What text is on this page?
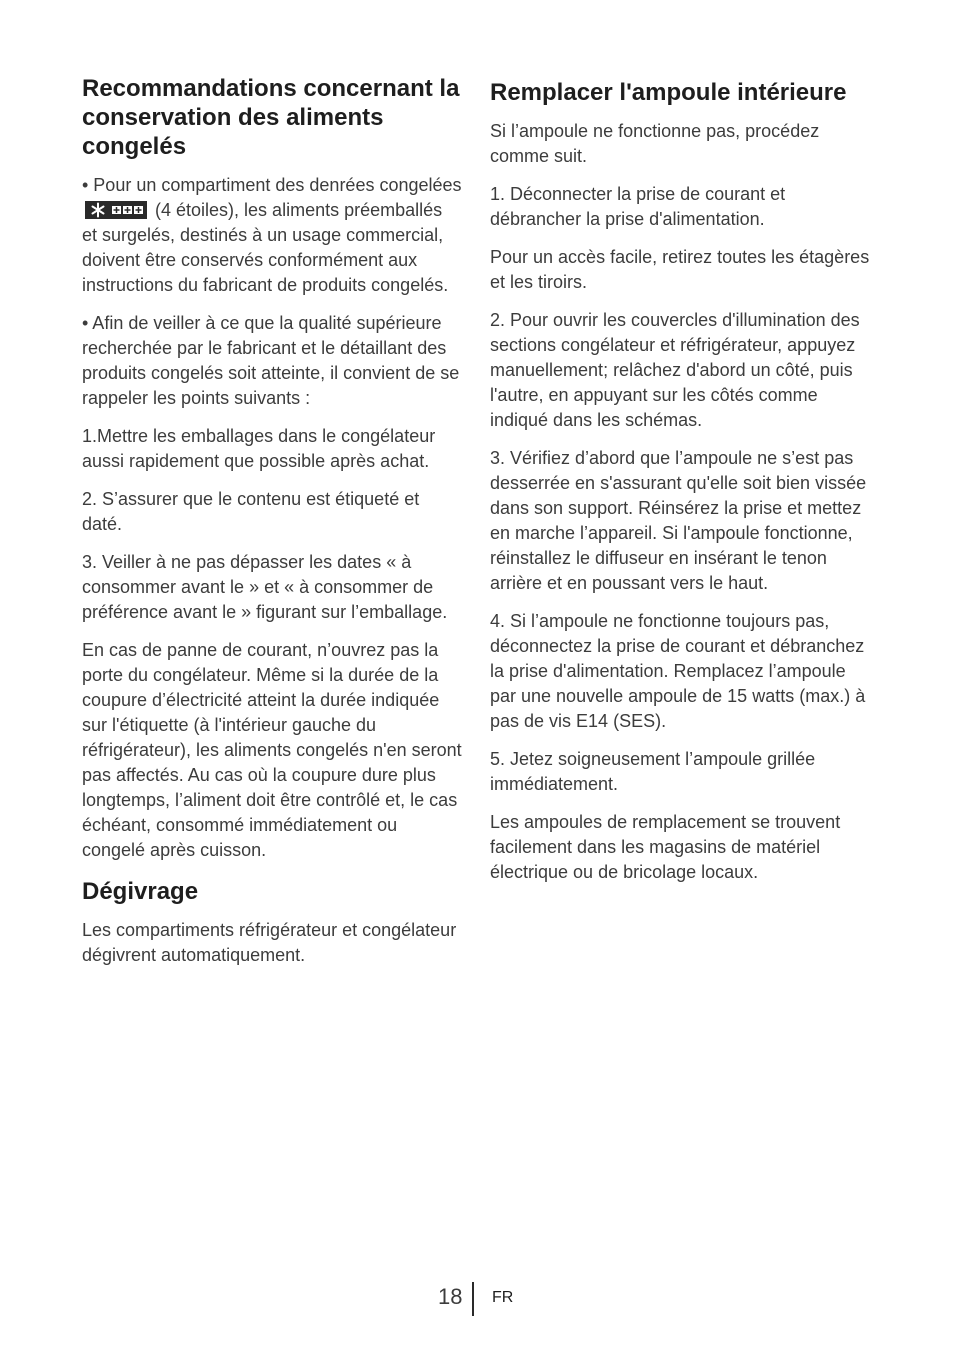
Recommandations concernant la conservation des aliments congelés

• Pour un compartiment des denrées congelées  (4 étoiles), les aliments préemballés et surgelés, destinés à un usage commercial, doivent être conservés conformément aux instructions du fabricant de produits congelés.

• Afin de veiller à ce que la qualité supérieure recherchée par le fabricant et le détaillant des produits congelés soit atteinte, il convient de se rappeler les points suivants :

1.Mettre les emballages dans le congélateur aussi rapidement que possible après achat.

2. S’assurer que le contenu est étiqueté et daté.

3. Veiller à ne pas dépasser les dates « à consommer avant le » et « à consommer de préférence avant le » figurant sur l’emballage.

En cas de panne de courant, n’ouvrez pas la porte du congélateur. Même si la durée de la coupure d’électricité atteint la durée indiquée sur l'étiquette (à l'intérieur gauche du réfrigérateur), les aliments congelés n'en seront pas affectés. Au cas où la coupure dure plus longtemps, l’aliment doit être contrôlé et, le cas échéant, consommé immédiatement ou congelé après cuisson.

Dégivrage

Les compartiments réfrigérateur et congélateur dégivrent automatiquement.

Remplacer l'ampoule intérieure

Si l’ampoule ne fonctionne pas, procédez comme suit.

1. Déconnecter la prise de courant et débrancher la prise d'alimentation.

Pour un accès facile, retirez toutes les étagères et les tiroirs.

2. Pour ouvrir les couvercles d'illumination des sections congélateur et réfrigérateur, appuyez manuellement; relâchez d'abord un côté, puis l'autre, en appuyant sur les côtés comme indiqué dans les schémas.

3. Vérifiez d’abord que l’ampoule ne s’est pas desserrée en s'assurant qu'elle soit bien vissée dans son support. Réinsérez la prise et mettez en marche l’appareil. Si l'ampoule fonctionne, réinstallez le diffuseur en insérant le tenon arrière et en poussant vers le haut.

4. Si l’ampoule ne fonctionne toujours pas, déconnectez la prise de courant et débranchez la prise d'alimentation. Remplacez l’ampoule par une nouvelle ampoule de 15 watts (max.) à pas de vis E14 (SES).

5. Jetez soigneusement l’ampoule grillée immédiatement.

Les ampoules de remplacement se trouvent facilement dans les magasins de matériel électrique ou de bricolage locaux.

18 FR
